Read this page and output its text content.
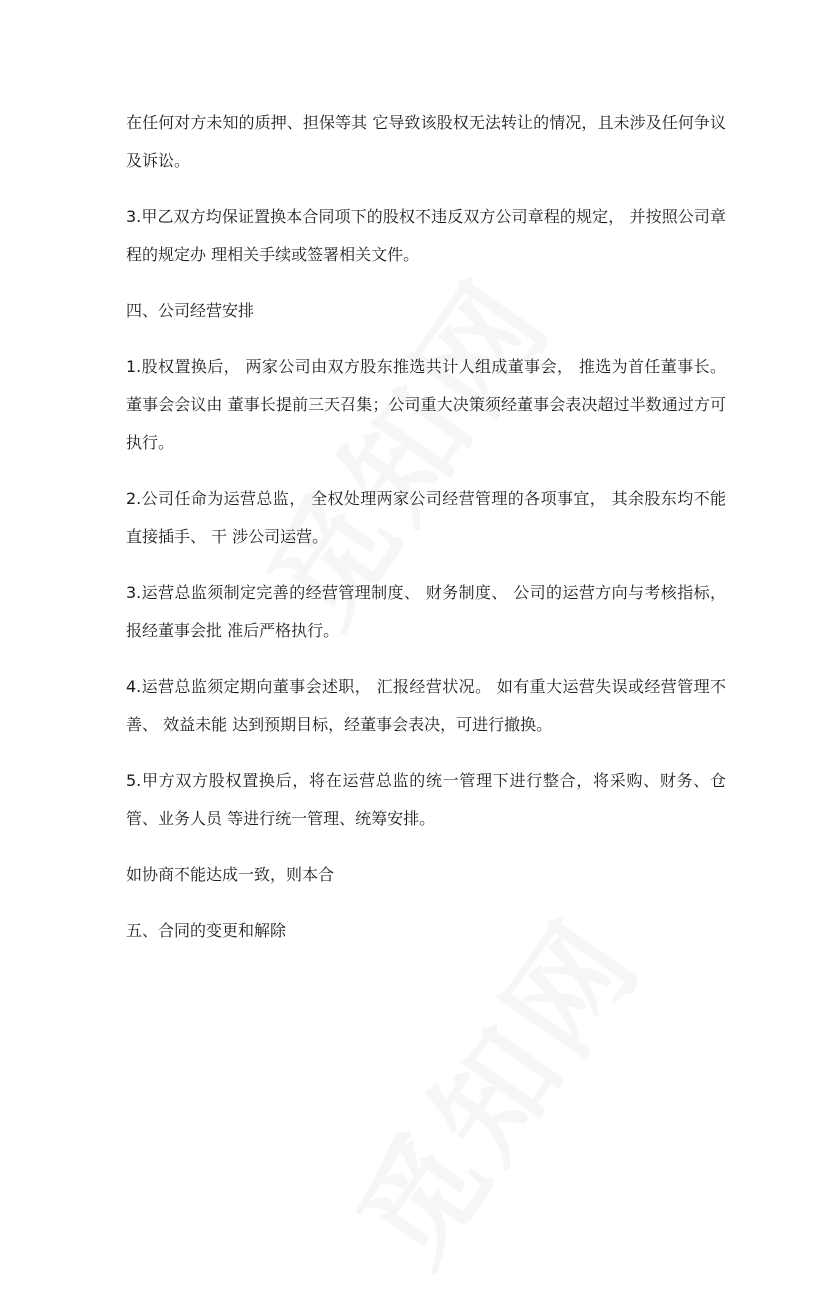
在任何对方未知的质押、担保等其 它导致该股权无法转让的情况，且未涉及任何争议及诉讼。

3.甲乙双方均保证置换本合同项下的股权不违反双方公司章程的规定， 并按照公司章程的规定办 理相关手续或签署相关文件。

四、公司经营安排

1.股权置换后， 两家公司由双方股东推选共计人组成董事会， 推选为首任董事长。 董事会会议由 董事长提前三天召集；公司重大决策须经董事会表决超过半数通过方可执行。

2.公司任命为运营总监， 全权处理两家公司经营管理的各项事宜， 其余股东均不能直接插手、 干 涉公司运营。

3.运营总监须制定完善的经营管理制度、 财务制度、 公司的运营方向与考核指标， 报经董事会批 准后严格执行。

4.运营总监须定期向董事会述职， 汇报经营状况。 如有重大运营失误或经营管理不善、 效益未能 达到预期目标，经董事会表决，可进行撤换。

5.甲方双方股权置换后，将在运营总监的统一管理下进行整合，将采购、财务、仓管、业务人员 等进行统一管理、统筹安排。

如协商不能达成一致，则本合

五、合同的变更和解除
